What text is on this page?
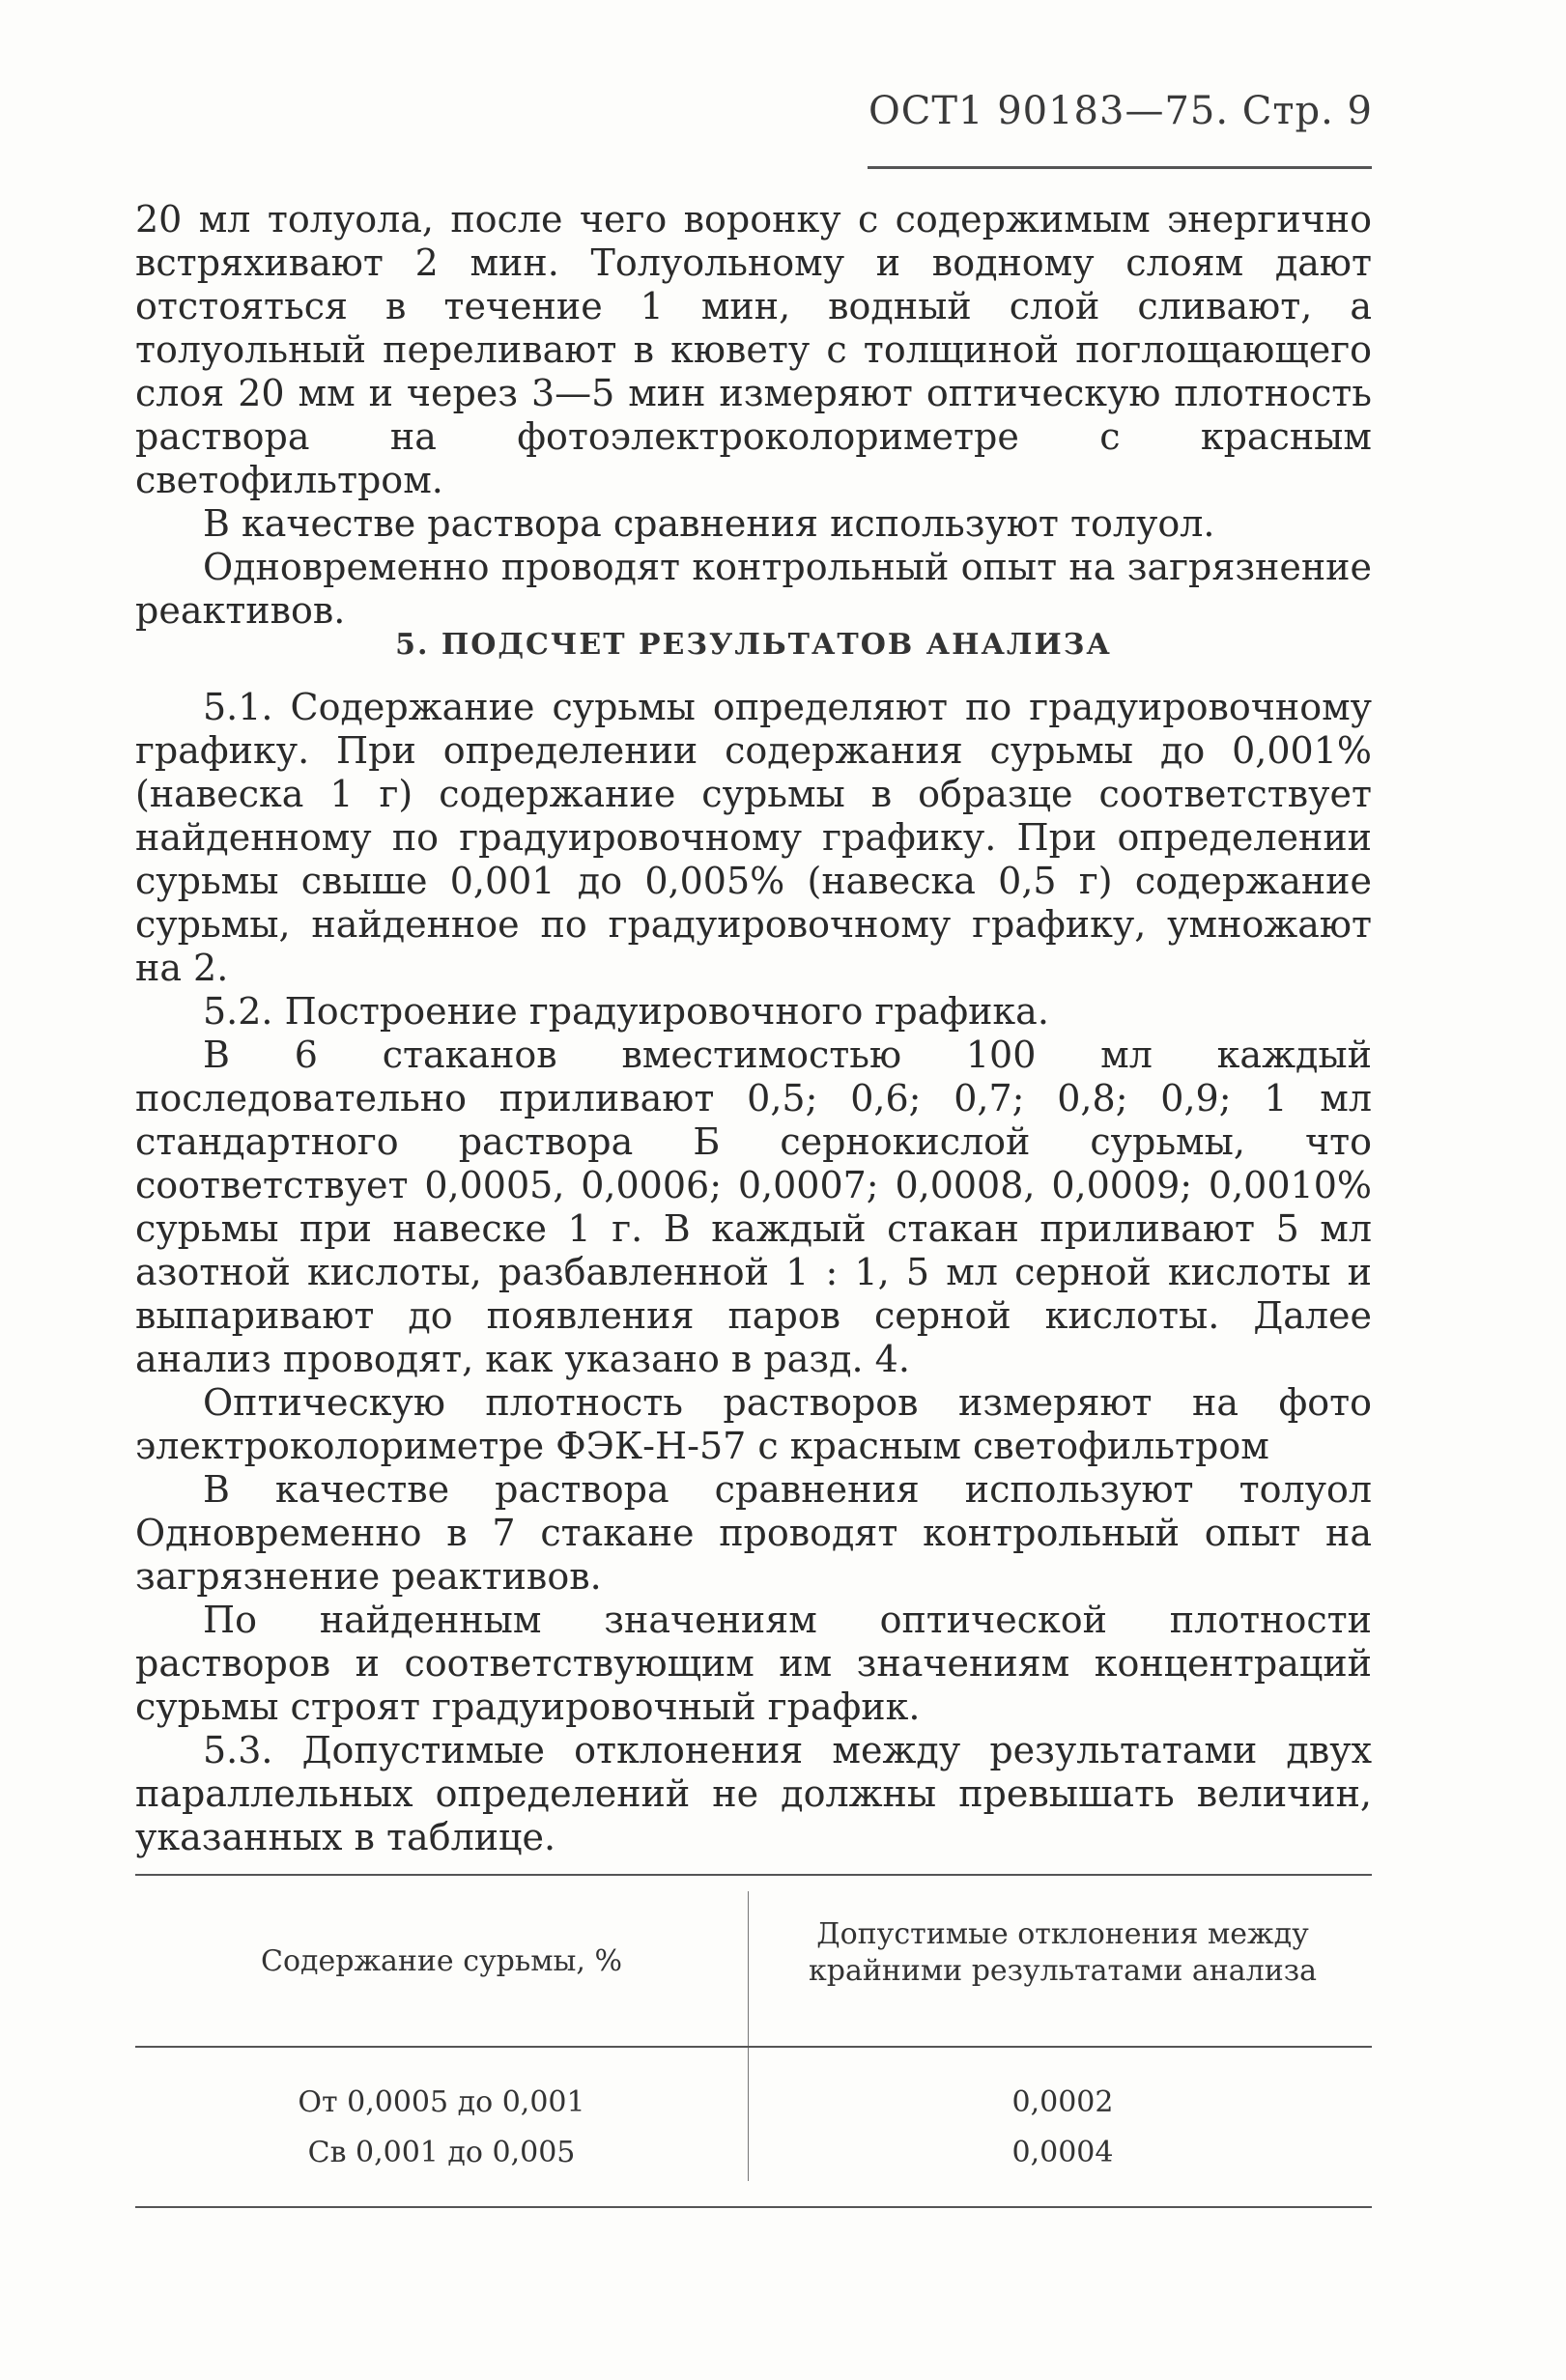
ОСТ1 90183—75. Стр. 9

20 мл толуола, после чего воронку с содержимым энергично встряхивают 2 мин. Толуольному и водному слоям дают отстояться в течение 1 мин, водный слой сливают, а толуольный переливают в кювету с толщиной поглощающего слоя 20 мм и через 3—5 мин измеряют оптическую плотность раствора на фотоэлектроколориметре с красным светофильтром.

В качестве раствора сравнения используют толуол.

Одновременно проводят контрольный опыт на загрязнение реактивов.

5. ПОДСЧЕТ РЕЗУЛЬТАТОВ АНАЛИЗА

5.1. Содержание сурьмы определяют по градуировочному графику. При определении содержания сурьмы до 0,001% (навеска 1 г) содержание сурьмы в образце соответствует найденному по градуировочному графику. При определении сурьмы свыше 0,001 до 0,005% (навеска 0,5 г) содержание сурьмы, найденное по градуировочному графику, умножают на 2.

5.2. Построение градуировочного графика.

В 6 стаканов вместимостью 100 мл каждый последовательно приливают 0,5; 0,6; 0,7; 0,8; 0,9; 1 мл стандартного раствора Б сернокислой сурьмы, что соответствует 0,0005, 0,0006; 0,0007; 0,0008, 0,0009; 0,0010% сурьмы при навеске 1 г. В каждый стакан приливают 5 мл азотной кислоты, разбавленной 1 : 1, 5 мл серной кислоты и выпаривают до появления паров серной кислоты. Далее анализ проводят, как указано в разд. 4.

Оптическую плотность растворов измеряют на фото электроколориметре ФЭК-Н-57 с красным светофильтром

В качестве раствора сравнения используют толуол Одновременно в 7 стакане проводят контрольный опыт на загрязнение реактивов.

По найденным значениям оптической плотности растворов и соответствующим им значениям концентраций сурьмы строят градуировочный график.

5.3. Допустимые отклонения между результатами двух параллельных определений не должны превышать величин, указанных в таблице.

Содержание сурьмы, %
Допустимые отклонения между крайними результатами анализа
От 0,0005 до 0,001	0,0002
Св 0,001 до 0,005	0,0004
